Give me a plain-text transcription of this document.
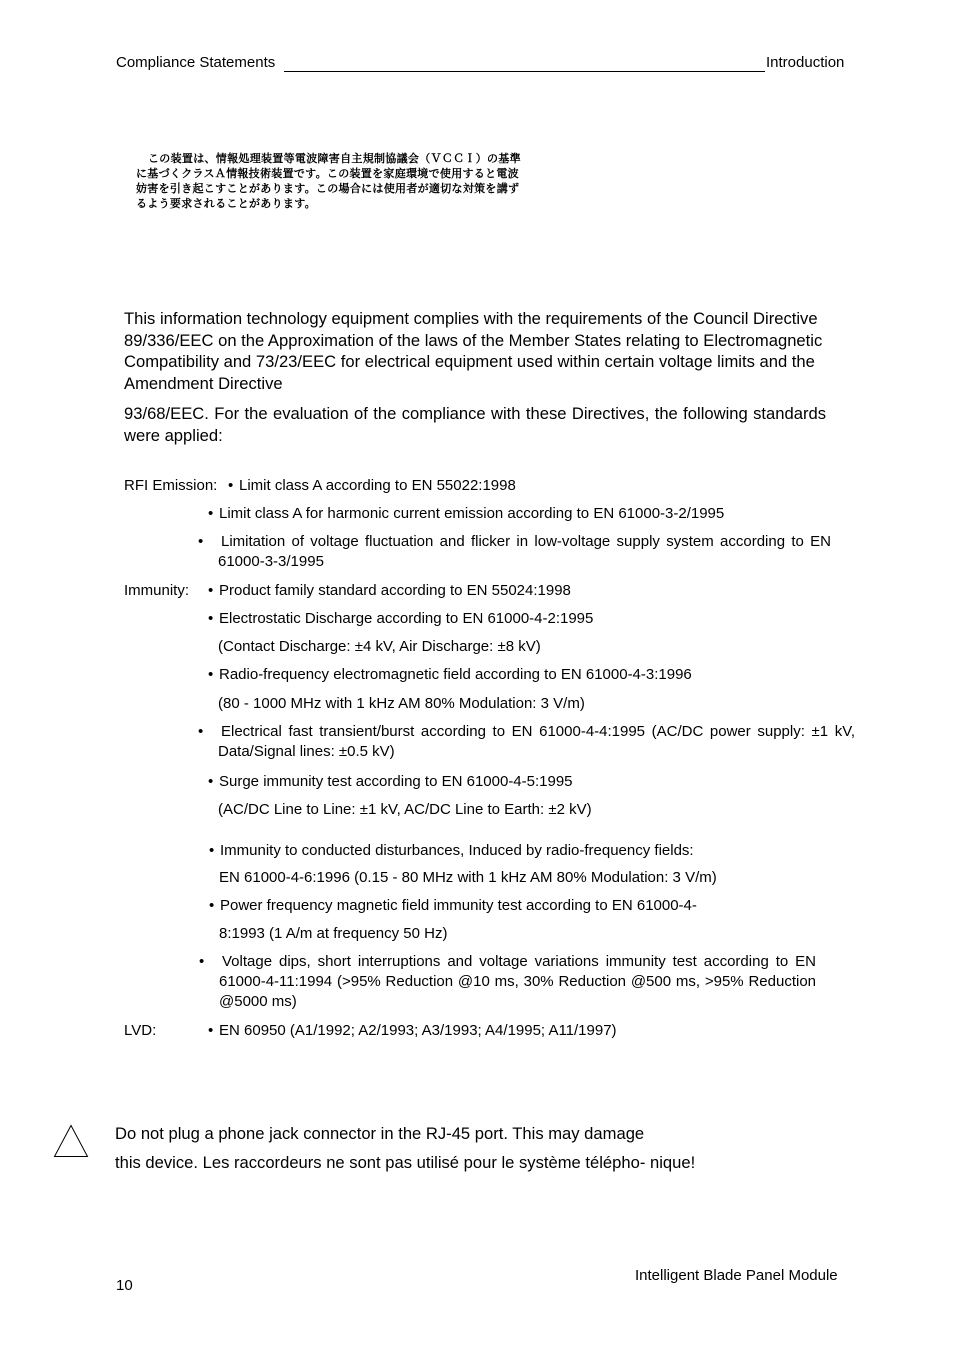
Compliance Statements	Introduction
この装置は、情報処理装置等電波障害自主規制協議会（ＶＣＣＩ）の基準
に基づくクラスＡ情報技術装置です。この装置を家庭環境で使用すると電波
妨害を引き起こすことがあります。この場合には使用者が適切な対策を講ず
るよう要求されることがあります。
This information technology equipment complies with the requirements of the Council Directive 89/336/EEC on the Approximation of the laws of the Member States relating to Electromagnetic Compatibility and 73/23/EEC for electrical equipment used within certain voltage limits and the Amendment Directive
93/68/EEC. For the evaluation of the compliance with these Directives, the following standards were applied:
RFI Emission: • Limit class A according to EN 55022:1998
• Limit class A for harmonic current emission according to EN 61000-3-2/1995
• Limitation of voltage fluctuation and flicker in low-voltage supply system according to EN 61000-3-3/1995
Immunity: • Product family standard according to EN 55024:1998
• Electrostatic Discharge according to EN 61000-4-2:1995
(Contact Discharge: ±4 kV, Air Discharge: ±8 kV)
• Radio-frequency electromagnetic field according to EN 61000-4-3:1996
(80 - 1000 MHz with 1 kHz AM 80% Modulation: 3 V/m)
• Electrical fast transient/burst according to EN 61000-4-4:1995 (AC/DC power supply: ±1 kV, Data/Signal lines: ±0.5 kV)
• Surge immunity test according to EN 61000-4-5:1995
(AC/DC Line to Line: ±1 kV, AC/DC Line to Earth: ±2 kV)
• Immunity to conducted disturbances, Induced by radio-frequency fields:
EN 61000-4-6:1996 (0.15 - 80 MHz with 1 kHz AM 80% Modulation: 3 V/m)
• Power frequency magnetic field immunity test according to EN 61000-4-
8:1993 (1 A/m at frequency 50 Hz)
• Voltage dips, short interruptions and voltage variations immunity test according to EN 61000-4-11:1994 (>95% Reduction @10 ms, 30% Reduction @500 ms, >95% Reduction @5000 ms)
LVD:	• EN 60950 (A1/1992; A2/1993; A3/1993; A4/1995; A11/1997)
Do not plug a phone jack connector in the RJ-45 port. This may damage
this device. Les raccordeurs ne sont pas utilisé pour le système télépho- nique!
10
Intelligent Blade Panel Module
